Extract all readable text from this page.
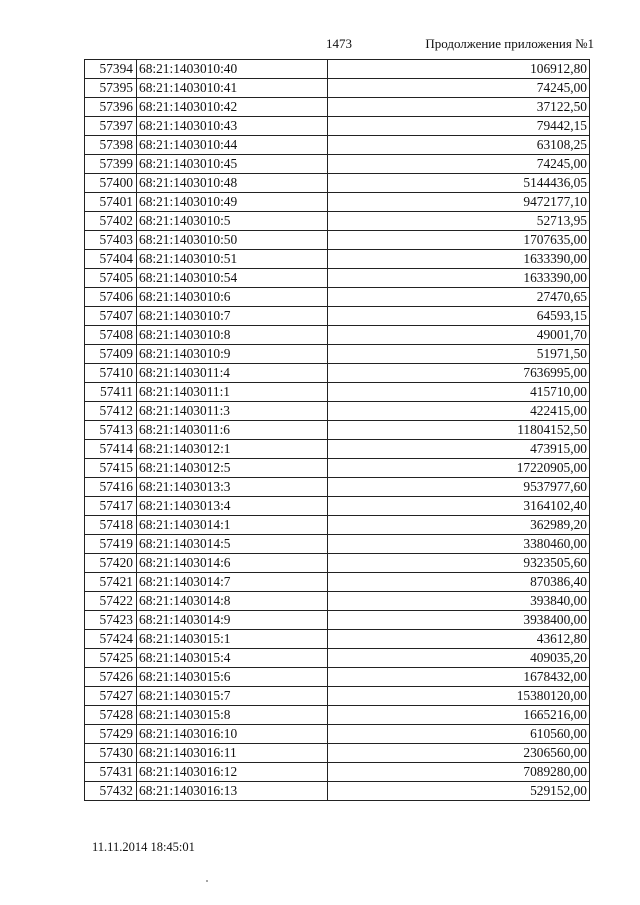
1473	Продолжение приложения №1
57394	68:21:1403010:40	106912,80
57395	68:21:1403010:41	74245,00
57396	68:21:1403010:42	37122,50
57397	68:21:1403010:43	79442,15
57398	68:21:1403010:44	63108,25
57399	68:21:1403010:45	74245,00
57400	68:21:1403010:48	5144436,05
57401	68:21:1403010:49	9472177,10
57402	68:21:1403010:5	52713,95
57403	68:21:1403010:50	1707635,00
57404	68:21:1403010:51	1633390,00
57405	68:21:1403010:54	1633390,00
57406	68:21:1403010:6	27470,65
57407	68:21:1403010:7	64593,15
57408	68:21:1403010:8	49001,70
57409	68:21:1403010:9	51971,50
57410	68:21:1403011:4	7636995,00
57411	68:21:1403011:1	415710,00
57412	68:21:1403011:3	422415,00
57413	68:21:1403011:6	11804152,50
57414	68:21:1403012:1	473915,00
57415	68:21:1403012:5	17220905,00
57416	68:21:1403013:3	9537977,60
57417	68:21:1403013:4	3164102,40
57418	68:21:1403014:1	362989,20
57419	68:21:1403014:5	3380460,00
57420	68:21:1403014:6	9323505,60
57421	68:21:1403014:7	870386,40
57422	68:21:1403014:8	393840,00
57423	68:21:1403014:9	3938400,00
57424	68:21:1403015:1	43612,80
57425	68:21:1403015:4	409035,20
57426	68:21:1403015:6	1678432,00
57427	68:21:1403015:7	15380120,00
57428	68:21:1403015:8	1665216,00
57429	68:21:1403016:10	610560,00
57430	68:21:1403016:11	2306560,00
57431	68:21:1403016:12	7089280,00
57432	68:21:1403016:13	529152,00
11.11.2014 18:45:01
